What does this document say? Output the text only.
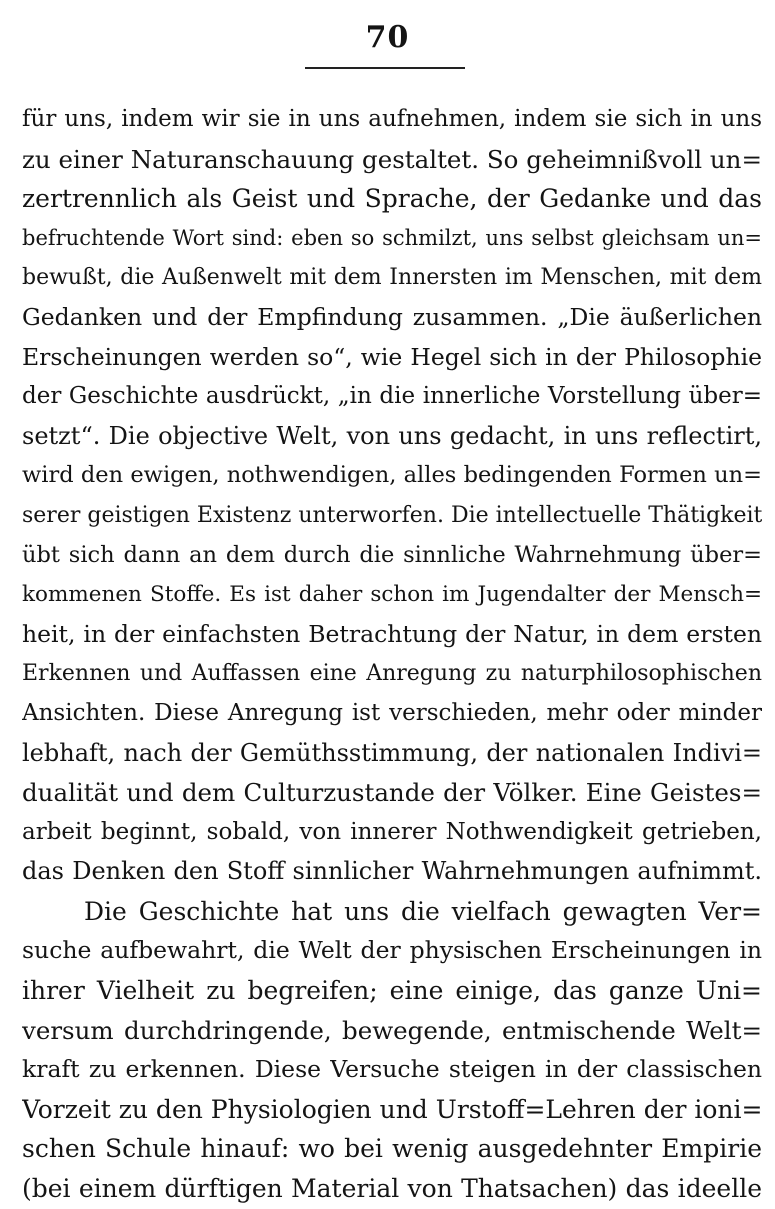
70
für uns, indem wir sie in uns aufnehmen, indem sie sich in uns
zu einer Naturanschauung gestaltet. So geheimnißvoll un=
zertrennlich als Geist und Sprache, der Gedanke und das
befruchtende Wort sind: eben so schmilzt, uns selbst gleichsam un=
bewußt, die Außenwelt mit dem Innersten im Menschen, mit dem
Gedanken und der Empfindung zusammen. „Die äußerlichen
Erscheinungen werden so“, wie Hegel sich in der Philosophie
der Geschichte ausdrückt, „in die innerliche Vorstellung über=
setzt“. Die objective Welt, von uns gedacht, in uns reflectirt,
wird den ewigen, nothwendigen, alles bedingenden Formen un=
serer geistigen Existenz unterworfen. Die intellectuelle Thätigkeit
übt sich dann an dem durch die sinnliche Wahrnehmung über=
kommenen Stoffe. Es ist daher schon im Jugendalter der Mensch=
heit, in der einfachsten Betrachtung der Natur, in dem ersten
Erkennen und Auffassen eine Anregung zu naturphilosophischen
Ansichten. Diese Anregung ist verschieden, mehr oder minder
lebhaft, nach der Gemüthsstimmung, der nationalen Indivi=
dualität und dem Culturzustande der Völker. Eine Geistes=
arbeit beginnt, sobald, von innerer Nothwendigkeit getrieben,
das Denken den Stoff sinnlicher Wahrnehmungen aufnimmt.
Die Geschichte hat uns die vielfach gewagten Ver=
suche aufbewahrt, die Welt der physischen Erscheinungen in
ihrer Vielheit zu begreifen; eine einige, das ganze Uni=
versum durchdringende, bewegende, entmischende Welt=
kraft zu erkennen. Diese Versuche steigen in der classischen
Vorzeit zu den Physiologien und Urstoff=Lehren der ioni=
schen Schule hinauf: wo bei wenig ausgedehnter Empirie
(bei einem dürftigen Material von Thatsachen) das ideelle
